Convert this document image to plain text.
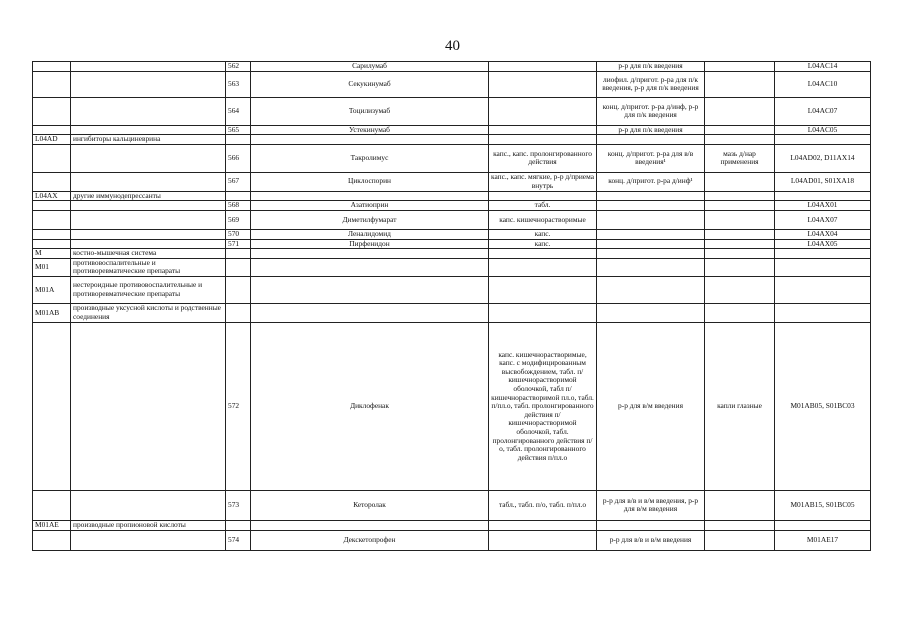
40
		562	Сарилумаб		р-р для п/к введения		L04AC14
		563	Секукинумаб		лиофил. д/пригот. р-ра для п/к введения, р-р для п/к введения		L04AC10
		564	Тоцилизумаб		конц. д/пригот. р-ра д/инф, р-р для п/к введения		L04AC07
		565	Устекинумаб		р-р для п/к введения		L04AC05
L04AD	ингибиторы кальциневрина						
		566	Такролимус	капс., капс. пролонгированного действия	конц. д/пригот. р-ра для в/в введения¹	мазь д/нар применения	L04AD02, D11AX14
		567	Циклоспорин	капс., капс. мягкие, р-р д/приема внутрь	конц. д/пригот. р-ра д/инф¹		L04AD01, S01XA18
L04AX	другие иммунодепрессанты						
		568	Азатиоприн	табл.			L04AX01
		569	Диметилфумарат	капс. кишечнорастворимые			L04AX07
		570	Леналидомид	капс.			L04AX04
		571	Пирфенидон	капс.			L04AX05
M	костно-мышечная система						
M01	противовоспалительные и противоревматические препараты						
M01A	нестероидные противовоспалительные и противоревматические препараты						
M01AB	производные уксусной кислоты и родственные соединения						
		572	Диклофенак	капс. кишечнорастворимые, капс. с модифицированным высвобождением, табл. п/кишечнорастворимой оболочкой, табл п/кишечнорастворимой пл.о, табл. п/пл.о, табл. пролонгированного действия п/кишечнорастворимой оболочкой, табл. пролонгированного действия п/о, табл. пролонгированного действия п/пл.о	р-р для в/м введения	капли глазные	M01AB05, S01BC03
		573	Кеторолак	табл., табл. п/о, табл. п/пл.о	р-р для в/в и в/м введения, р-р для в/м введения		M01AB15, S01BC05
M01AE	производные пропионовой кислоты						
		574	Декскетопрофен		р-р для в/в и в/м введения		M01AE17
